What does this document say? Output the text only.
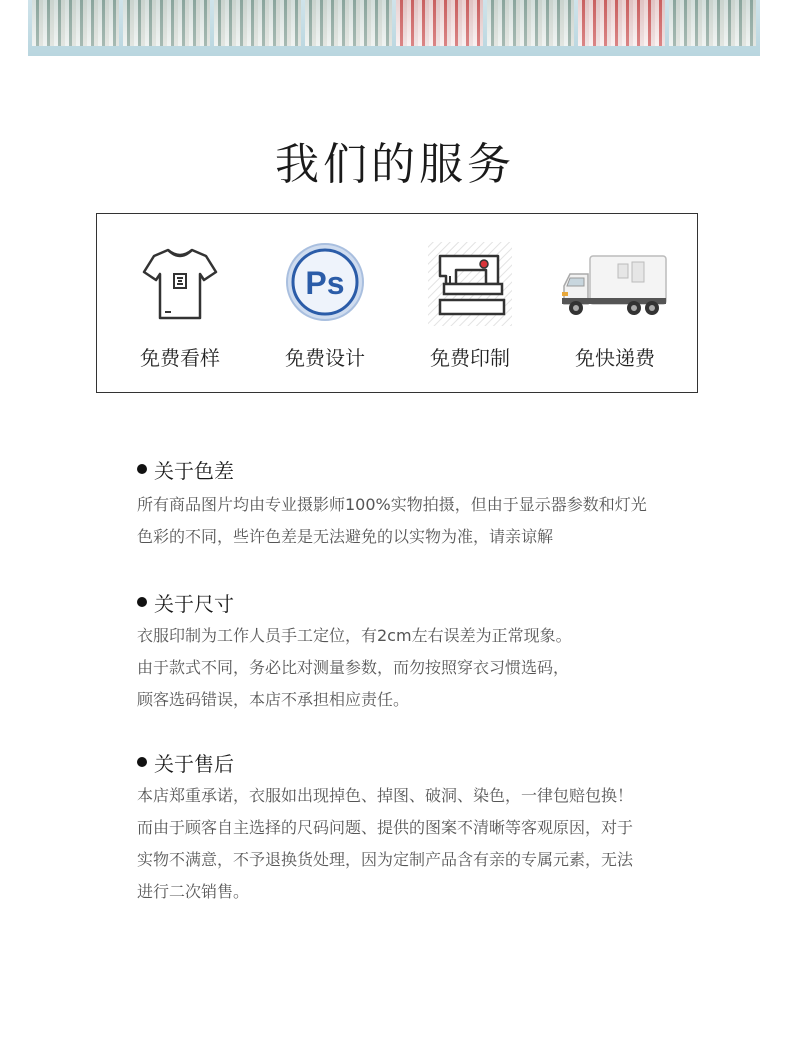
我们的服务
免费看样
Ps
免费设计	免费印制	免快递费
关于色差
所有商品图片均由专业摄影师100%实物拍摄，但由于显示器参数和灯光
色彩的不同，些许色差是无法避免的以实物为准，请亲谅解
关于尺寸
衣服印制为工作人员手工定位，有2cm左右误差为正常现象。
由于款式不同，务必比对测量参数，而勿按照穿衣习惯选码，
顾客选码错误，本店不承担相应责任。
关于售后
本店郑重承诺，衣服如出现掉色、掉图、破洞、染色，一律包赔包换！
而由于顾客自主选择的尺码问题、提供的图案不清晰等客观原因，对于
实物不满意，不予退换货处理，因为定制产品含有亲的专属元素，无法
进行二次销售。
